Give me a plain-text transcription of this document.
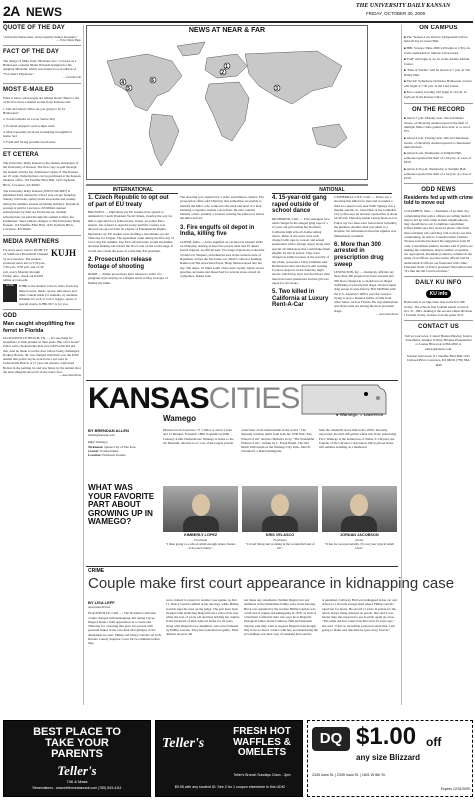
2A NEWS	THE UNIVERSITY DAILY KANSAN
FRIDAY, OCTOBER 30, 2009
QUOTE OF THE DAY
"Adversity makes men, and prosperity makes monsters."
— Victor Marie Hugo
FACT OF THE DAY
The design of Mike from "Monsters, Inc." is based on a Halloween costume Dhani Wolandi designed for his daughter Michelle, which was featured on an edition of "Fox Wen's Playhouse."
— factoidz.com
MOST E-MAILED
Want to know what people are talking about? Here's a list of the five most e-mailed stories from Kansan.com:
1. Out and About: What are you going to be for Halloween?
2. Zoloft remarks on soccer Senior Day
3. Football stripped coach sculpts team
4. Man reportedly involved in sleeping in neighbor's home, bed
5. Farm still facing possible foreclosure
ET CETERA
The University Daily Kansan is the student newspaper of the University of Kansas. The first copy is paid through the student activity fee. Additional copies of The Kansan are 25 cents. Subscriptions can be purchased at the Kansan business office, 119 Stauffer-Flint Hall, 1435 Jayhawk Blvd., Lawrence, KS 66045.
The University Daily Kansan (ISSN 0746-4967) is published daily during the school year except Saturday, Sunday, fall break, spring break and exams and weekly during the summer session excluding holidays. Periodical postage is paid in Lawrence, KS 66044. Annual subscriptions by mail are $120 plus tax. Student subscriptions are paid through the student activity fee. Postmaster: Send address changes to The University Daily Kansan, 119 Stauffer-Flint Hall, 1435 Jayhawk Blvd., Lawrence, KS 66045.
MEDIA PARTNERS
For more news, turn to KUJH-TV on Sunflower Broadband Channel 31 in Lawrence. The student-produced news airs at 5:30 p.m., 7:30 p.m., 9:30 p.m. and 11:30 p.m. every Monday through Friday. Also, check out KUJH online at tv.ku.edu.
KUJH
KJHK	KJHK is the student voice in radio. Each day there is news, music, sports, talk shows and other content made for students, by students. Whether it's rock 'n' roll or reggae, sports or special events, KJHK 90.7 is for you.
ODD
Man caught shoplifting free ferret in Florida
JACKSONVILLE BEACH, Fla. — It's one thing for shoplifters to hide plunder in their pants. But a live ferret? Police said a Jacksonville man in north Florida did just that. And he made it out the door before being challenged. Rodney Bolton, 38, was charged with theft over the $100 animal that police say he took from a pet store in Jacksonville Beach. A 17-year-old witness confronted Bolton in the parking lot and was bitten by the animal after the man allegedly shoved it in the teen's face.
— Associated Press
NEWS AT NEAR & FAR
1
2
3
4
5
6
INTERNATIONAL
1. Czech Republic to opt out of part of EU treaty
BRUSSELS — Diplomats say EU leaders have agreed to demands by Czech President Vaclav Klaus, clearing the way for him to sign the bloc's stalled treaty. Klaus, an ardent Euro-skeptic, has refused to sign the treaty until his country was allowed an opt-out from its Charter of Fundamental Rights. Diplomats say EU leaders were drafting a last-minute opt-out Thursday for Prague. The agreement came during the first day of a two-day EU summit. The EU's reform treaty would streamline decision making and bolster the bloc's role on the world stage. It would also create the posts of a full-time EU president.
2. Prosecution release footage of shooting
ROME — Italian prosecutors have released a video of a gangland-style slaying on a Naples street in May in hopes of finding the killer.
The shooting was captured by a video surveillance camera. The prosecution office said Thursday that authorities are unable to identify the killer, who walks into the back and head of a man smoking a cigarette outside a storefront. He also couldn't identify a man, possibly a lookout, leaning the same post before the killer arrived.
3. Fire engulfs oil depot in India, killing five
JAIPUR, India — A fire engulfed an oil depot in western India on Thursday, leaving at least five people dead and 25 others feared trapped, an official said. Two huge explosions rocked the oil depot in Sitapura, an industrial area in the western state of Rajasthan, before the fire broke out, district collector Kuldeep Ranka told The Associated Press. Huge flames leaped into the sky. The depot, 10 miles south of the state capital, Jaipur, stores gasoline, kerosene and diesel fuel for several state-owned oil companies, Ranka said.
NATIONAL
4. 15-year-old gang raped outside of school dance
RICHMOND, Calif. — Five teenagers face adult charges in the alleged gang rape of a 15-year-old girl outside her Northern California high school's homecoming dance. Three of the teens were each charged with rape in concert and sexual penetration with a foreign object along with special circumstances that could make them eligible for life in prison. They were charged as adults because of the severity of the crime, prosecutor Chris Cashman said. Richmond police said they're still looking for more suspects in the Saturday night attack, which may have involved more than men have been questioned and the girl was raped for two hours.
5. Two killed in California at Luxury Rent-A-Car
CATHEDRAL CITY, Calif. — Police say a shooting that killed two men and wounded a third in a desert town near Palm Springs was a murder-suicide. Lt. Glen Haas of the Cathedral City police says an attacker opened fire at about 10:30 a.m. Thursday inside Luxury Rent-A-Car. Police say two men were found dead, including the gunman. Another man was taken to a hospital. No information about his injuries was immediately available.
6. More than 300 arrested in prescription drug sweep
LEXINGTON, Ky. — Kentucky officials say more than 300 people have been arrested and 200 more charged in a crackdown on illegal trafficking of prescription drugs. It's the largest drug sweep in state history. Bob McBride with the U.S. Attorney's Office says the sweep is trying to stop a massive influx of pills from other states, such as Florida. He says methadone and OxyContin are among the most prevalent drugs.
— Associated Press
ON CAMPUS
■ The "Kansas Law Review Symposium will be held all day in Green Hall.
■ HBC Science Talks 2009 will begin at 1:30 p.m. in the auditorium in Simons Laboratories.
■ TGIF will begin at 4 p.m. in the Adams Alumni Center.
■ "Man of Warble" will be shown at 7 p.m. in 518 Bailey Hall.
■ The KU Symphony Orchestra Halloween concert will begin at 7:30 p.m. in the Lied Center.
■ Free country bowling will begin at 10 p.m. in Jaybowl in the Kansas Union.
ON THE RECORD
■ About 7 p.m. Monday near 11th and Maine streets, a University student reported the theft of multiple Mako video games and cards, at a cost of $75.
■ About 6 p.m. Tuesday near 14th and Tennessee streets, a University student reported a cheerleader uniform theft.
■ About 9 a.m. Wednesday at Templin Hall, someone reported the theft of a bicycle, at a loss of $250.
■ About 4:45 p.m. Wednesday at Templin Hall, someone reported the theft of a bicycle, at a loss of $150.
ODD NEWS
Residents fed up with crime told to move out
COLUMBUS, Ohio — Residents of an Ohio city complaining that police officers are telling them if they're fed up with crime in their neighborhoods they should move out. Columbus councilman Jeffrey Mims says he's received phone calls from three residents who said they told to move out after complaining. At aide to Councilwoman Charleta Tavares said she has heard the suggestion from 20 calls. Councilman Andrew Ginther said if police are making the comments, they're neither acceptable nor appropriate. Residents pointed to Ginther in the name of an officer. A police union official said he understands if officers are frustrated with crime. Fraternal Order of Police president Jim Gilbert said "It's like the OK Corral out there."
DAILY KU INFO
KU info
Halloween is an important date in the KU-MU rivalry. The schools first football match occurred Oct. 31, 1891, making it the second-oldest Division I football rivalry. Kansas won the game 22-8.
CONTACT US
Tell us your news. Contact Brenna Hawley, Jessica Sain-Baird, Jennifer Torline, Brianne Pfannenstiel or Joanna Hlavacek at 864-4810 or editor@kansan.com.
Kansan newsroom 111 Stauffer-Flint Hall 1435 Jayhawk Blvd. Lawrence, KS 66045 (785) 864-4810
KANSASCITIES	● Wamego ● Lawrence
Wamego
BY BRENDAN ALLEN
ballen@kansan.com
City: Wamego
Nickname: Queen City of The Kaw
County: Pottawatomie
Location: Northeast Kansas
Distance from Lawrence: 71.7 miles or about 1 hour and 15 minutes. Founded: 1866. Population (2000 Census): 4,246. Destinations: Wamego is home to the Oz Museum, referred to as "one of the largest private
collections of Oz memorabilia in the world." The museum contains items from both the 1939 film "The Wizard of Oz" and the children's story, "The Wonderful Wizard of Oz," written by L. Frank Baum. The Old Dutch Mill stands as the Wamego City Park, John B. Schonhoff, a Dutch immigrant,
built the windmill, stone mill in the 1870s. Recently renovated, the mill still grinds wheat into flour. Interesting Fact: Wamego is the hometown of Walter P. Chrysler, the founder of the Chrysler Corporation. His boyhood home still remains standing as a memorial.
WHAT WAS YOUR FAVORITE PART ABOUT GROWING UP IN WAMEGO?
KIMBERLY LOPEZ
Freshman
"I miss going to a school small enough where I knew everyone's name."
KRIS VELASCO
Freshman
"I loved living and working in the wonderful land of Oz."
JORDAN JACOBSON
Junior
"It has its own personality. It's not your typical small town."
CRIME
Couple make first court appearance in kidnapping case
BY LISA LEFF
Associated Press
PLACERVILLE, Calif. — The Northern California couple charged with kidnapping and raping Jaycee Dugard made a brief appearance in a courtroom Thursday for a hearing that gave two people with personal stakes in the case their first glimpse of the defendants in court. Phillip and Nancy Garrido sat in El Dorado County Superior Court for two minutes before they
were ordered to return for another case update on Dec. 11. Nancy Garrido smiled at her attorney, while Phillip Garrido kept his eyes on the judge. The pair have been charged with abducting Dugard from a school bus stop when she was 11 years old and then holding her captive in the backyard of their Antioch home for 18 years along with Dugard's two daughters, who were fathered by Phillip Garrido. They have pleaded not guilty. Their defense lawyers did
not make any statements. Neither Dugard nor any members of her immediate family were in the hearing. But it was attended by the woman Phillip Garrido was convicted of raping and kidnapping in 1976, as well as a Northern California man who says he is Dugard's biological father. Katie Callaway Hall and Kenneth Slayton said they want to support Dugard even though they have no direct contact with her, and monitoring the proceedings was their way of ensuring that Garrido
is punished. Callaway Hall was kidnapped in her car and driven to a Nevada storage shed where Phillip Garrido raped her for hours. He served 11 years in prison for the attack before being released on parole. She said it was harder than she expected to see Garrido again up close. "The same old fear came back that I felt 33 years ago," she said. "I feel so incredibly protected about this. I am going to make sure this time he goes away forever."
BEST PLACE TO TAKE YOUR PARENTS
Teller's
746 & Mass
Reservations - www.tellersrestaurant.com (785) 843-4111
Teller's
FRESH HOT WAFFLES & OMELETS
Teller's Brunch Sundays 10am - 3pm
$9.95 with any student ID. See 2 for 1 coupon elsewhere in this UDK!
DQ $1.00 off
any size Blizzard
2345 Iowa St. | 2345 Iowa St. | 1601 W 6th St.
Expires 12/31/2009
